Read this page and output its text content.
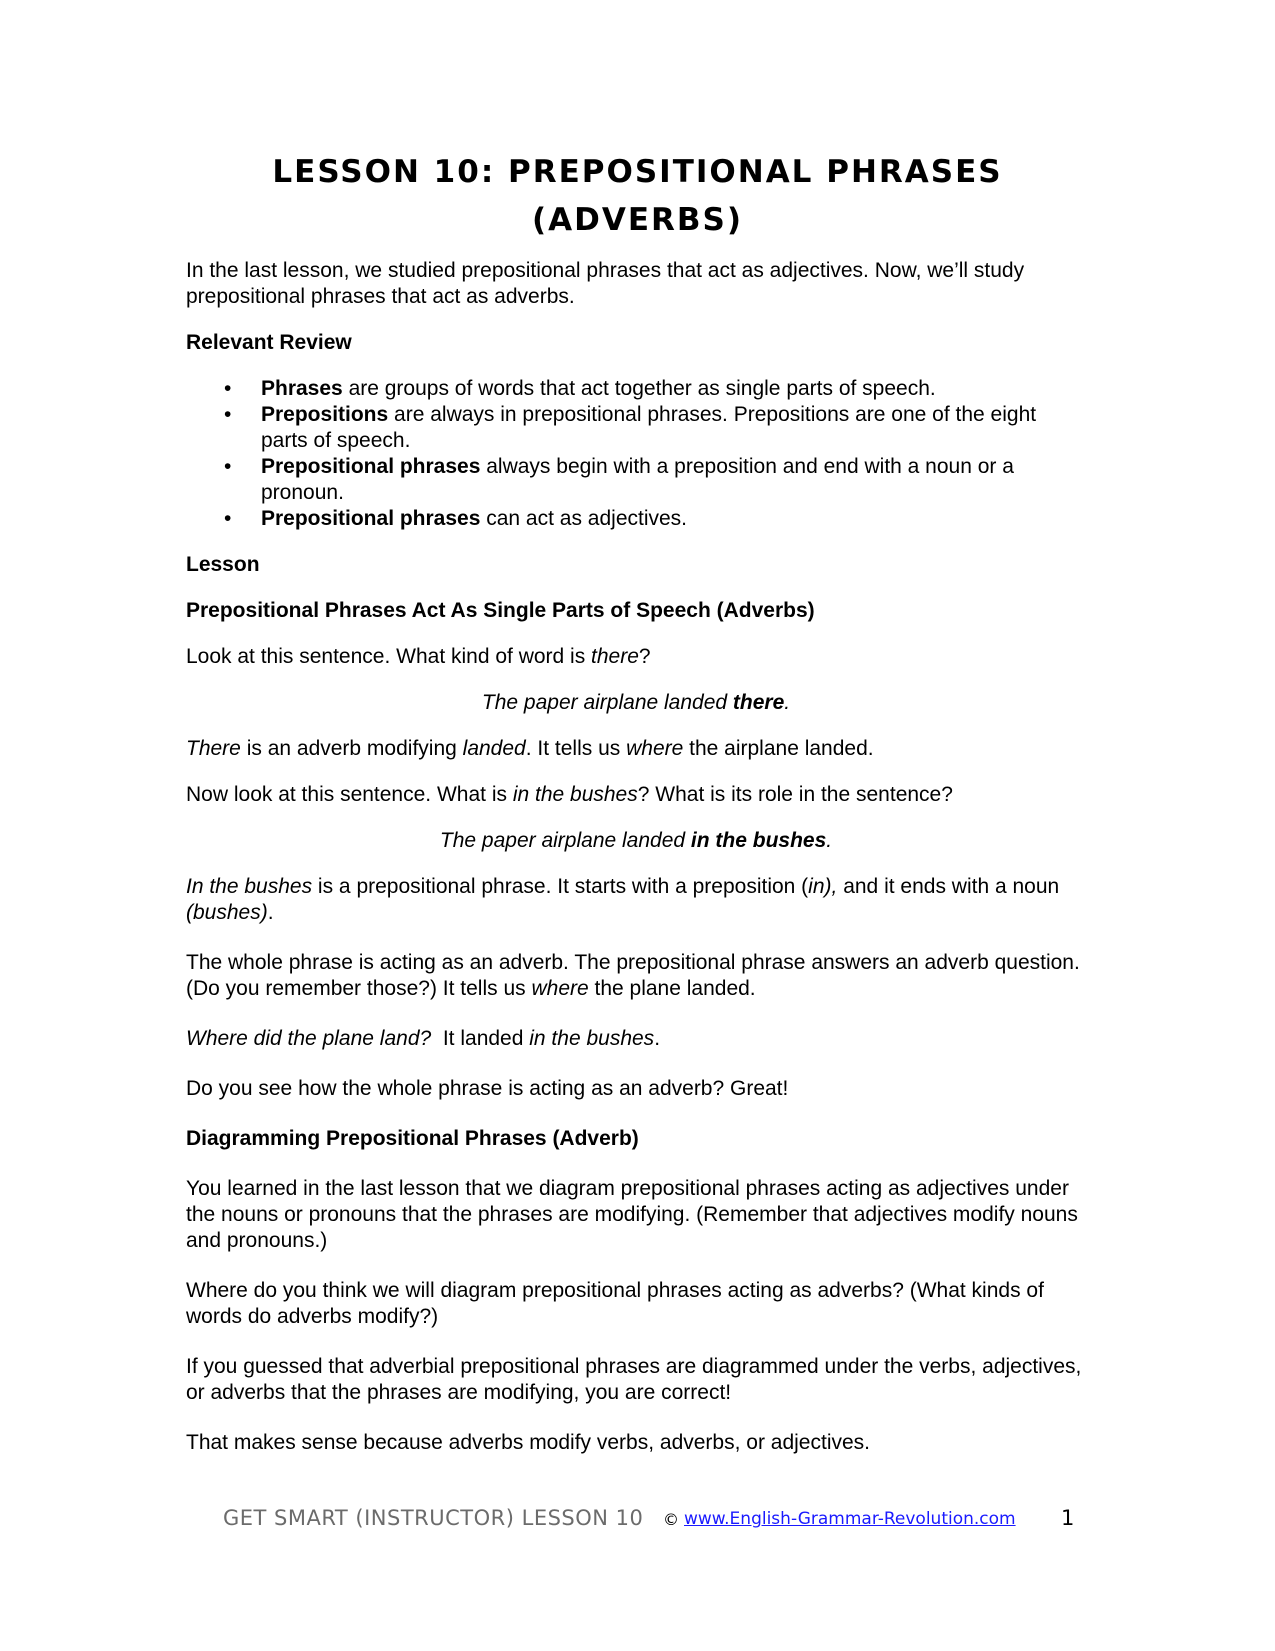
LESSON 10: PREPOSITIONAL PHRASES
(ADVERBS)

In the last lesson, we studied prepositional phrases that act as adjectives. Now, we’ll study prepositional phrases that act as adverbs.

Relevant Review

• Phrases are groups of words that act together as single parts of speech.
• Prepositions are always in prepositional phrases. Prepositions are one of the eight parts of speech.
• Prepositional phrases always begin with a preposition and end with a noun or a pronoun.
• Prepositional phrases can act as adjectives.

Lesson

Prepositional Phrases Act As Single Parts of Speech (Adverbs)

Look at this sentence. What kind of word is there?

The paper airplane landed there.

There is an adverb modifying landed. It tells us where the airplane landed.

Now look at this sentence. What is in the bushes? What is its role in the sentence?

The paper airplane landed in the bushes.

In the bushes is a prepositional phrase. It starts with a preposition (in), and it ends with a noun (bushes).

The whole phrase is acting as an adverb. The prepositional phrase answers an adverb question. (Do you remember those?) It tells us where the plane landed.

Where did the plane land?  It landed in the bushes.

Do you see how the whole phrase is acting as an adverb? Great!

Diagramming Prepositional Phrases (Adverb)

You learned in the last lesson that we diagram prepositional phrases acting as adjectives under the nouns or pronouns that the phrases are modifying. (Remember that adjectives modify nouns and pronouns.)

Where do you think we will diagram prepositional phrases acting as adverbs? (What kinds of words do adverbs modify?)

If you guessed that adverbial prepositional phrases are diagrammed under the verbs, adjectives, or adverbs that the phrases are modifying, you are correct!

That makes sense because adverbs modify verbs, adverbs, or adjectives.

GET SMART (INSTRUCTOR) LESSON 10 © www.English-Grammar-Revolution.com 1
